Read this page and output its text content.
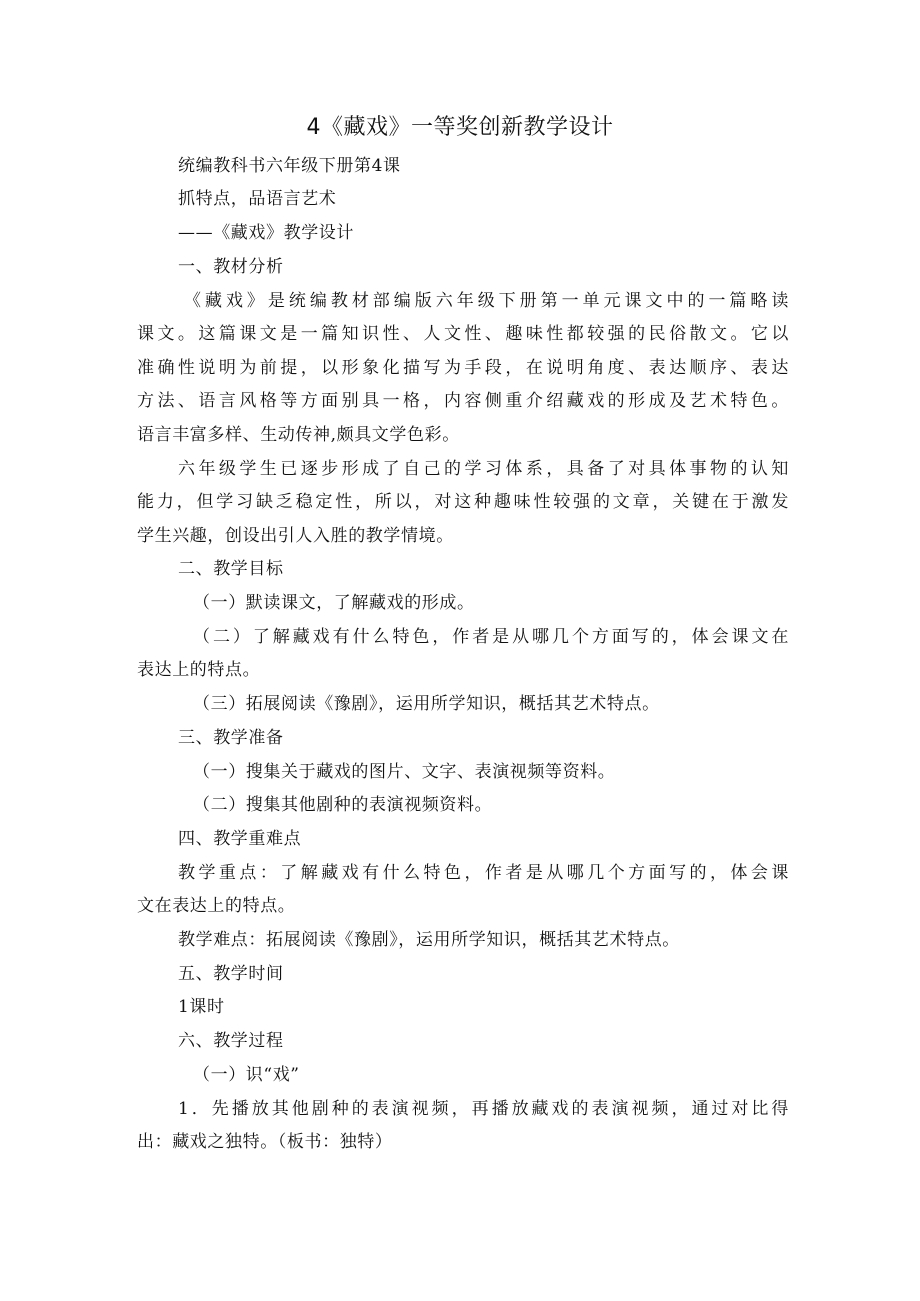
4《藏戏》一等奖创新教学设计
统编教科书六年级下册第4课
抓特点，品语言艺术
——《藏戏》教学设计
一、教材分析
《藏戏》是统编教材部编版六年级下册第一单元课文中的一篇略读
课文。这篇课文是一篇知识性、人文性、趣味性都较强的民俗散文。它以
准确性说明为前提，以形象化描写为手段，在说明角度、表达顺序、表达
方法、语言风格等方面别具一格，内容侧重介绍藏戏的形成及艺术特色。
语言丰富多样、生动传神,颇具文学色彩。
六年级学生已逐步形成了自己的学习体系，具备了对具体事物的认知
能力，但学习缺乏稳定性，所以，对这种趣味性较强的文章，关键在于激发
学生兴趣，创设出引人入胜的教学情境。
二、教学目标
（一）默读课文，了解藏戏的形成。
（二）了解藏戏有什么特色，作者是从哪几个方面写的，体会课文在
表达上的特点。
（三）拓展阅读《豫剧》，运用所学知识，概括其艺术特点。
三、教学准备
（一）搜集关于藏戏的图片、文字、表演视频等资料。
（二）搜集其他剧种的表演视频资料。
四、教学重难点
教学重点：了解藏戏有什么特色，作者是从哪几个方面写的，体会课
文在表达上的特点。
教学难点：拓展阅读《豫剧》，运用所学知识，概括其艺术特点。
五、教学时间
1课时
六、教学过程
（一）识“戏”
1．先播放其他剧种的表演视频，再播放藏戏的表演视频，通过对比得
出：藏戏之独特。（板书：独特）
